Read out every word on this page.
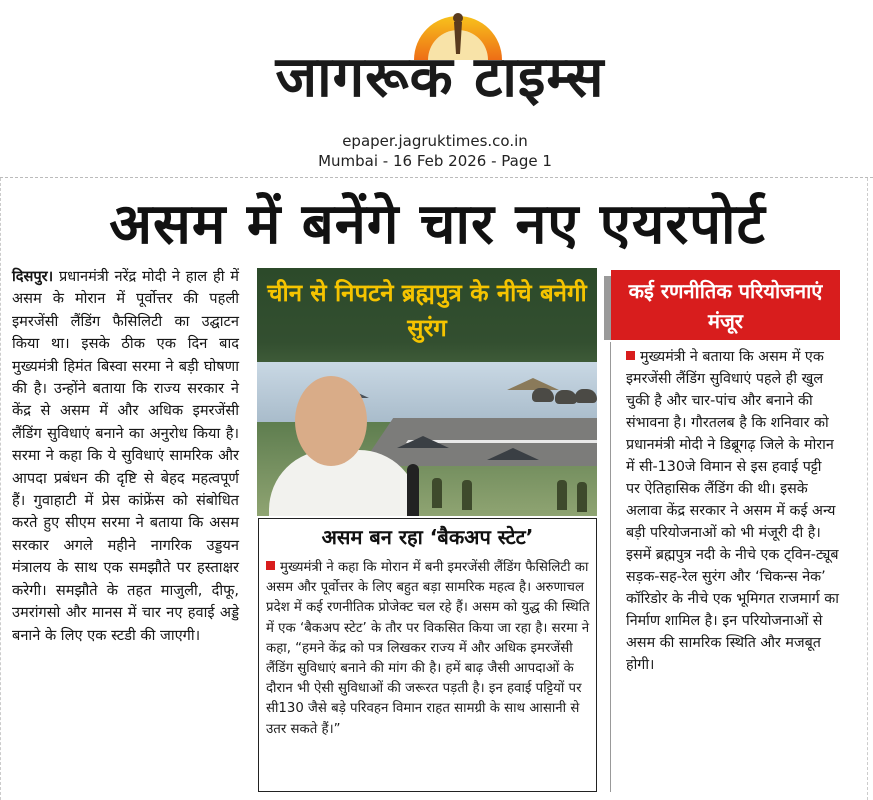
जागरूक टाइम्स
epaper.jagruktimes.co.in
Mumbai - 16 Feb 2026 - Page 1
असम में बनेंगे चार नए एयरपोर्ट
दिसपुर। प्रधानमंत्री नरेंद्र मोदी ने हाल ही में असम के मोरान में पूर्वोत्तर की पहली इमरजेंसी लैंडिंग फैसिलिटी का उद्घाटन किया था। इसके ठीक एक दिन बाद मुख्यमंत्री हिमंत बिस्वा सरमा ने बड़ी घोषणा की है। उन्होंने बताया कि राज्य सरकार ने केंद्र से असम में और अधिक इमरजेंसी लैंडिंग सुविधाएं बनाने का अनुरोध किया है। सरमा ने कहा कि ये सुविधाएं सामरिक और आपदा प्रबंधन की दृष्टि से बेहद महत्वपूर्ण हैं। गुवाहाटी में प्रेस कांफ्रेंस को संबोधित करते हुए सीएम सरमा ने बताया कि असम सरकार अगले महीने नागरिक उड्डयन मंत्रालय के साथ एक समझौते पर हस्ताक्षर करेगी। समझौते के तहत माजुली, दीफू, उमरांगसो और मानस में चार नए हवाई अड्डे बनाने के लिए एक स्टडी की जाएगी।
चीन से निपटने ब्रह्मपुत्र के नीचे बनेगी सुरंग
असम बन रहा ‘बैकअप स्टेट’
मुख्यमंत्री ने कहा कि मोरान में बनी इमरजेंसी लैंडिंग फैसिलिटी का असम और पूर्वोत्तर के लिए बहुत बड़ा सामरिक महत्व है। अरुणाचल प्रदेश में कई रणनीतिक प्रोजेक्ट चल रहे हैं। असम को युद्ध की स्थिति में एक ‘बैकअप स्टेट’ के तौर पर विकसित किया जा रहा है। सरमा ने कहा, “हमने केंद्र को पत्र लिखकर राज्य में और अधिक इमरजेंसी लैंडिंग सुविधाएं बनाने की मांग की है। हमें बाढ़ जैसी आपदाओं के दौरान भी ऐसी सुविधाओं की जरूरत पड़ती है। इन हवाई पट्टियों पर सी130 जैसे बड़े परिवहन विमान राहत सामग्री के साथ आसानी से उतर सकते हैं।”
कई रणनीतिक परियोजनाएं मंजूर
मुख्यमंत्री ने बताया कि असम में एक इमरजेंसी लैंडिंग सुविधाएं पहले ही खुल चुकी है और चार-पांच और बनाने की संभावना है। गौरतलब है कि शनिवार को प्रधानमंत्री मोदी ने डिब्रूगढ़ जिले के मोरान में सी-130जे विमान से इस हवाई पट्टी पर ऐतिहासिक लैंडिंग की थी। इसके अलावा केंद्र सरकार ने असम में कई अन्य बड़ी परियोजनाओं को भी मंजूरी दी है। इसमें ब्रह्मपुत्र नदी के नीचे एक ट्विन-ट्यूब सड़क-सह-रेल सुरंग और ‘चिकन्स नेक’ कॉरिडोर के नीचे एक भूमिगत राजमार्ग का निर्माण शामिल है। इन परियोजनाओं से असम की सामरिक स्थिति और मजबूत होगी।
